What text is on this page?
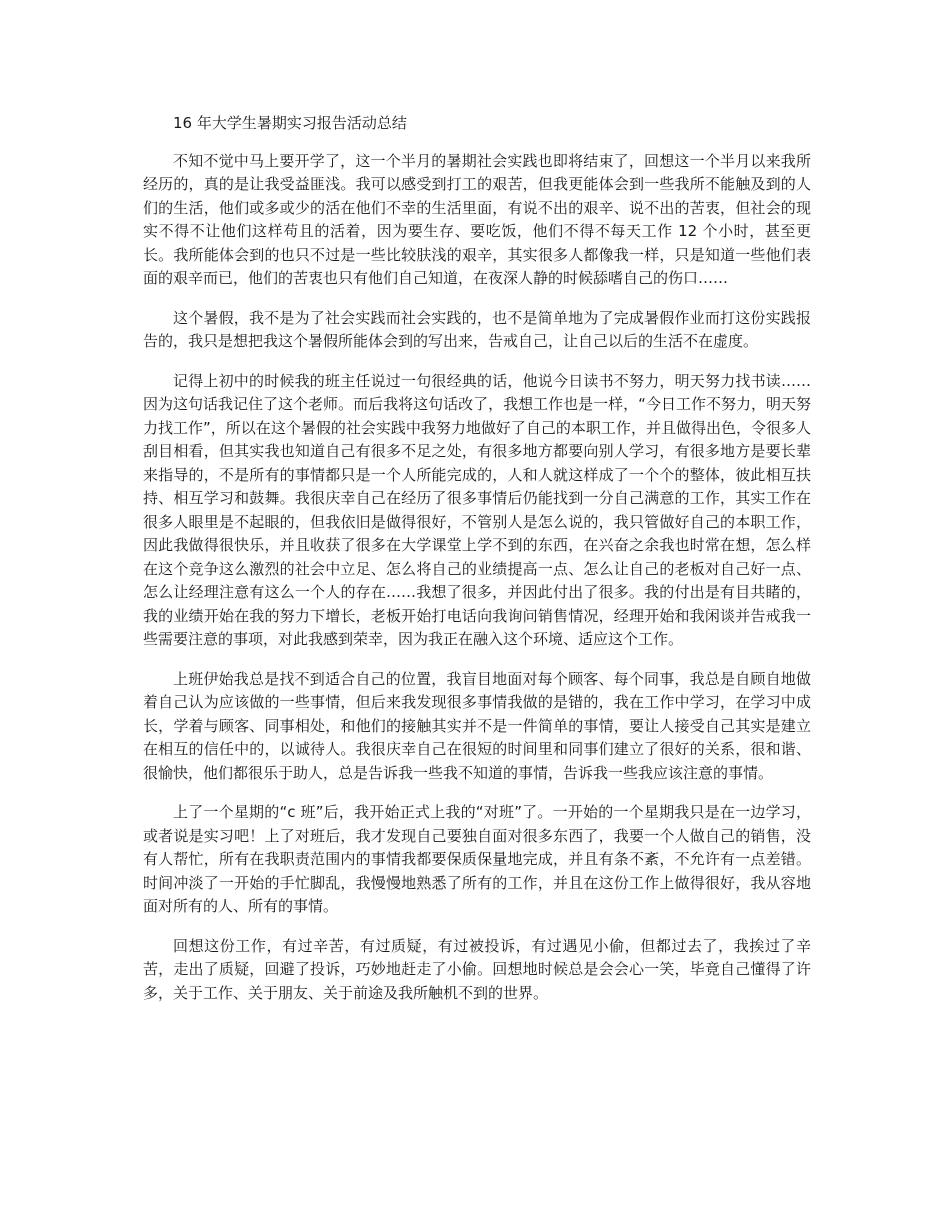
16 年大学生暑期实习报告活动总结

不知不觉中马上要开学了，这一个半月的暑期社会实践也即将结束了，回想这一个半月以来我所经历的，真的是让我受益匪浅。我可以感受到打工的艰苦，但我更能体会到一些我所不能触及到的人们的生活，他们或多或少的活在他们不幸的生活里面，有说不出的艰辛、说不出的苦衷，但社会的现实不得不让他们这样苟且的活着，因为要生存、要吃饭，他们不得不每天工作 12 个小时，甚至更长。我所能体会到的也只不过是一些比较肤浅的艰辛，其实很多人都像我一样，只是知道一些他们表面的艰辛而已，他们的苦衷也只有他们自己知道，在夜深人静的时候舔嗜自己的伤口……

这个暑假，我不是为了社会实践而社会实践的，也不是简单地为了完成暑假作业而打这份实践报告的，我只是想把我这个暑假所能体会到的写出来，告戒自己，让自己以后的生活不在虚度。

记得上初中的时候我的班主任说过一句很经典的话，他说今日读书不努力，明天努力找书读……因为这句话我记住了这个老师。而后我将这句话改了，我想工作也是一样，“今日工作不努力，明天努力找工作”，所以在这个暑假的社会实践中我努力地做好了自己的本职工作，并且做得出色，令很多人刮目相看，但其实我也知道自己有很多不足之处，有很多地方都要向别人学习，有很多地方是要长辈来指导的，不是所有的事情都只是一个人所能完成的，人和人就这样成了一个个的整体，彼此相互扶持、相互学习和鼓舞。我很庆幸自己在经历了很多事情后仍能找到一分自己满意的工作，其实工作在很多人眼里是不起眼的，但我依旧是做得很好，不管别人是怎么说的，我只管做好自己的本职工作，因此我做得很快乐，并且收获了很多在大学课堂上学不到的东西，在兴奋之余我也时常在想，怎么样在这个竞争这么激烈的社会中立足、怎么将自己的业绩提高一点、怎么让自己的老板对自己好一点、怎么让经理注意有这么一个人的存在……我想了很多，并因此付出了很多。我的付出是有目共睹的，我的业绩开始在我的努力下增长，老板开始打电话向我询问销售情况，经理开始和我闲谈并告戒我一些需要注意的事项，对此我感到荣幸，因为我正在融入这个环境、适应这个工作。

上班伊始我总是找不到适合自己的位置，我盲目地面对每个顾客、每个同事，我总是自顾自地做着自己认为应该做的一些事情，但后来我发现很多事情我做的是错的，我在工作中学习，在学习中成长，学着与顾客、同事相处，和他们的接触其实并不是一件简单的事情，要让人接受自己其实是建立在相互的信任中的，以诚待人。我很庆幸自己在很短的时间里和同事们建立了很好的关系，很和谐、很愉快，他们都很乐于助人，总是告诉我一些我不知道的事情，告诉我一些我应该注意的事情。

上了一个星期的“c 班”后，我开始正式上我的“对班”了。一开始的一个星期我只是在一边学习，或者说是实习吧！上了对班后，我才发现自己要独自面对很多东西了，我要一个人做自己的销售，没有人帮忙，所有在我职责范围内的事情我都要保质保量地完成，并且有条不紊，不允许有一点差错。时间冲淡了一开始的手忙脚乱，我慢慢地熟悉了所有的工作，并且在这份工作上做得很好，我从容地面对所有的人、所有的事情。

回想这份工作，有过辛苦，有过质疑，有过被投诉，有过遇见小偷，但都过去了，我挨过了辛苦，走出了质疑，回避了投诉，巧妙地赶走了小偷。回想地时候总是会会心一笑，毕竟自己懂得了许多，关于工作、关于朋友、关于前途及我所触机不到的世界。
